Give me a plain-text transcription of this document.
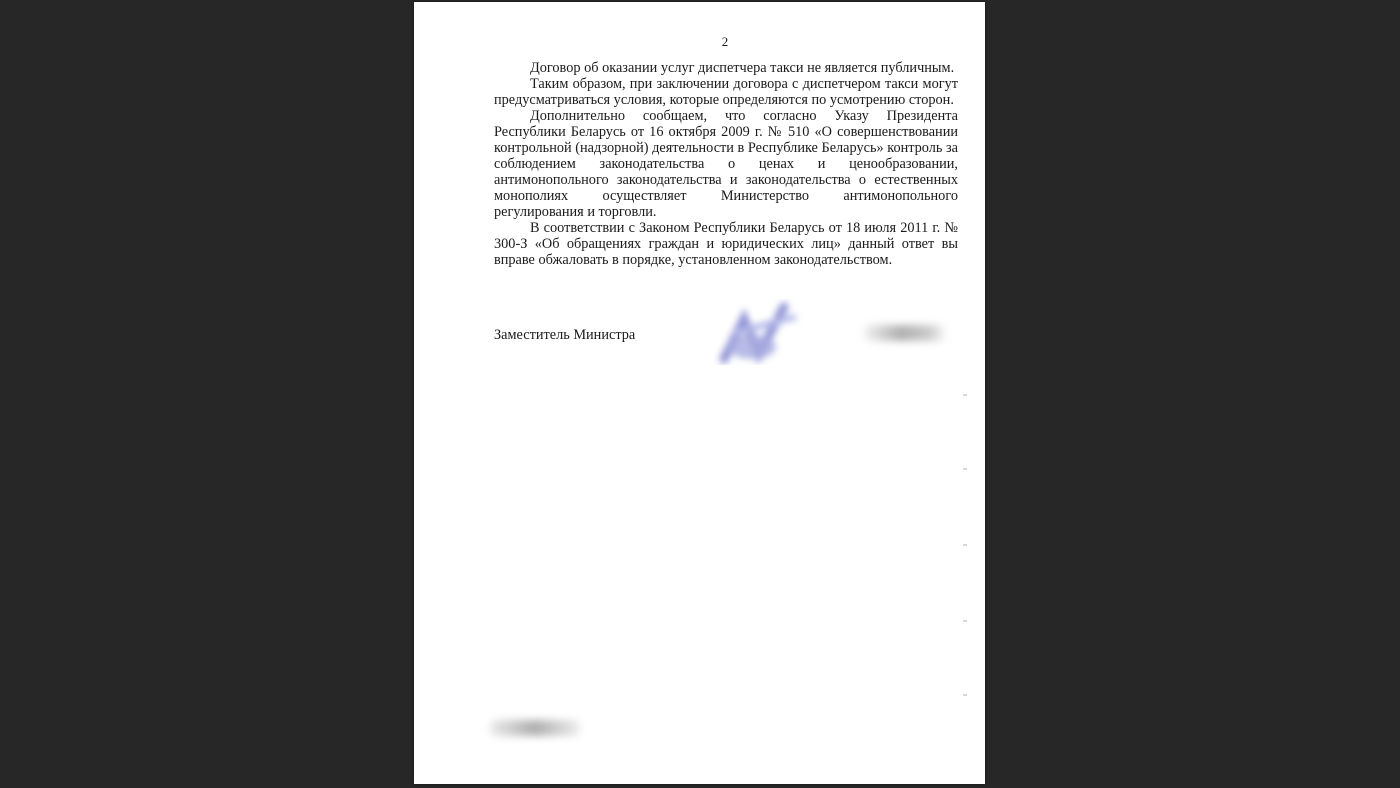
2

Договор об оказании услуг диспетчера такси не является публичным.

Таким образом, при заключении договора с диспетчером такси могут предусматриваться условия, которые определяются по усмотрению сторон.

Дополнительно сообщаем, что согласно Указу Президента Республики Беларусь от 16 октября 2009 г. № 510 «О совершенствовании контрольной (надзорной) деятельности в Республике Беларусь» контроль за соблюдением законодательства о ценах и ценообразовании, антимонопольного законодательства и законодательства о естественных монополиях осуществляет Министерство антимонопольного регулирования и торговли.

В соответствии с Законом Республики Беларусь от 18 июля 2011 г. № 300-З «Об обращениях граждан и юридических лиц» данный ответ вы вправе обжаловать в порядке, установленном законодательством.

Заместитель Министра
